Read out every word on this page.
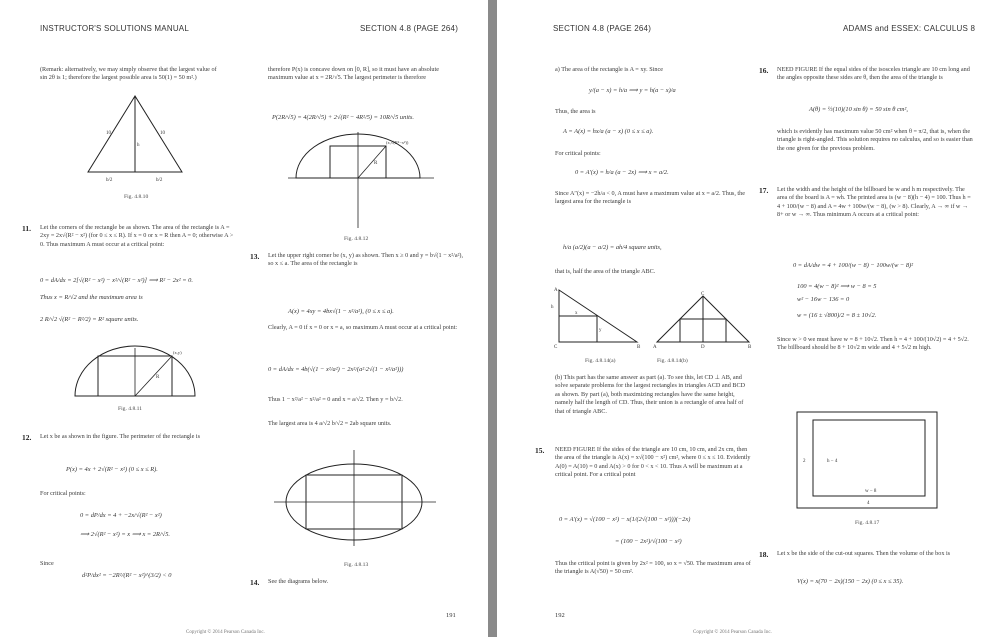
INSTRUCTOR'S SOLUTIONS MANUAL	SECTION 4.8 (PAGE 264)
(Remark: alternatively, we may simply observe that the largest value of sin 2θ is 1; therefore the largest possible area is 50(1) = 50 m².)
10	10
h
b/2	b/2
Fig. 4.8.10
11. Let the corners of the rectangle be as shown. The area of the rectangle is A = 2xy = 2x√(R² − x²) (for 0 ≤ x ≤ R). If x = 0 or x = R then A = 0; otherwise A > 0. Thus maximum A must occur at a critical point:
0 = dA/dx = 2[√(R² − x²) − x²/√(R² − x²)] ⟹ R² − 2x² = 0.
Thus x = R/√2 and the maximum area is
2 R/√2 √(R² − R²/2) = R² square units.
(x,y)
R
Fig. 4.8.11
12. Let x be as shown in the figure. The perimeter of the rectangle is
P(x) = 4x + 2√(R² − x²) (0 ≤ x ≤ R).
For critical points:
0 = dP/dx = 4 + −2x/√(R² − x²)
⟹ 2√(R² − x²) = x ⟹ x = 2R/√5.
Since
d²P/dx² = −2R²/(R² − x²)^(3/2) < 0
therefore P(x) is concave down on [0, R], so it must have an absolute maximum value at x = 2R/√5. The largest perimeter is therefore
P(2R/√5) = 4(2R/√5) + 2√(R² − 4R²/5) = 10R/√5 units.
(x,√(R²−x²))
R
Fig. 4.8.12
13. Let the upper right corner be (x, y) as shown. Then x ≥ 0 and y = b√(1 − x²/a²), so x ≤ a. The area of the rectangle is
A(x) = 4xy = 4bx√(1 − x²/a²), (0 ≤ x ≤ a).
Clearly, A = 0 if x = 0 or x = a, so maximum A must occur at a critical point:
0 = dA/dx = 4b(√(1 − x²/a²) − 2x²/(a²·2√(1 − x²/a²)))
Thus 1 − x²/a² − x²/a² = 0 and x = a/√2. Then y = b/√2.
The largest area is 4 a/√2 b/√2 = 2ab square units.
Fig. 4.8.13
14. See the diagrams below.
191
Copyright © 2014 Pearson Canada Inc.
SECTION 4.8 (PAGE 264)	ADAMS and ESSEX: CALCULUS 8
a) The area of the rectangle is A = xy. Since
y/(a − x) = h/a ⟹ y = h(a − x)/a
Thus, the area is
A = A(x) = hx/a (a − x) (0 ≤ x ≤ a).
For critical points:
0 = A′(x) = h/a (a − 2x) ⟹ x = a/2.
Since A″(x) = −2h/a < 0, A must have a maximum value at x = a/2. Thus, the largest area for the rectangle is
h/a (a/2)(a − a/2) = ah/4 square units,
that is, half the area of the triangle ABC.
A
C	B
h
y
x
C
A	D	B
Fig. 4.8.14(a)	Fig. 4.8.14(b)
(b) This part has the same answer as part (a). To see this, let CD ⊥ AB, and solve separate problems for the largest rectangles in triangles ACD and BCD as shown. By part (a), both maximizing rectangles have the same height, namely half the length of CD. Thus, their union is a rectangle of area half of that of triangle ABC.
15. NEED FIGURE If the sides of the triangle are 10 cm, 10 cm, and 2x cm, then the area of the triangle is A(x) = x√(100 − x²) cm², where 0 ≤ x ≤ 10. Evidently A(0) = A(10) = 0 and A(x) > 0 for 0 < x < 10. Thus A will be maximum at a critical point. For a critical point
0 = A′(x) = √(100 − x²) − x(1/(2√(100 − x²)))(−2x)
= (100 − 2x²)/√(100 − x²)
Thus the critical point is given by 2x² = 100, so x = √50. The maximum area of the triangle is A(√50) = 50 cm².
16. NEED FIGURE If the equal sides of the isosceles triangle are 10 cm long and the angles opposite these sides are θ, then the area of the triangle is
A(θ) = ½(10)(10 sin θ) = 50 sin θ cm²,
which is evidently has maximum value 50 cm² when θ = π/2, that is, when the triangle is right-angled. This solution requires no calculus, and so is easier than the one given for the previous problem.
17. Let the width and the height of the billboard be w and h m respectively. The area of the board is A = wh. The printed area is (w − 8)(h − 4) = 100. Thus h = 4 + 100/(w − 8) and A = 4w + 100w/(w − 8), (w > 8). Clearly, A → ∞ if w → 8+ or w → ∞. Thus minimum A occurs at a critical point:
0 = dA/dw = 4 + 100/(w − 8) − 100w/(w − 8)²
100 = 4(w − 8)² ⟹ w − 8 = 5
w² − 16w − 136 = 0
w = (16 ± √800)/2 = 8 ± 10√2.
Since w > 0 we must have w = 8 + 10√2. Then h = 4 + 100/(10√2) = 4 + 5√2. The billboard should be 8 + 10√2 m wide and 4 + 5√2 m high.
h − 4
w − 8
2
4
Fig. 4.8.17
18. Let x be the side of the cut-out squares. Then the volume of the box is
V(x) = x(70 − 2x)(150 − 2x) (0 ≤ x ≤ 35).
192
Copyright © 2014 Pearson Canada Inc.
